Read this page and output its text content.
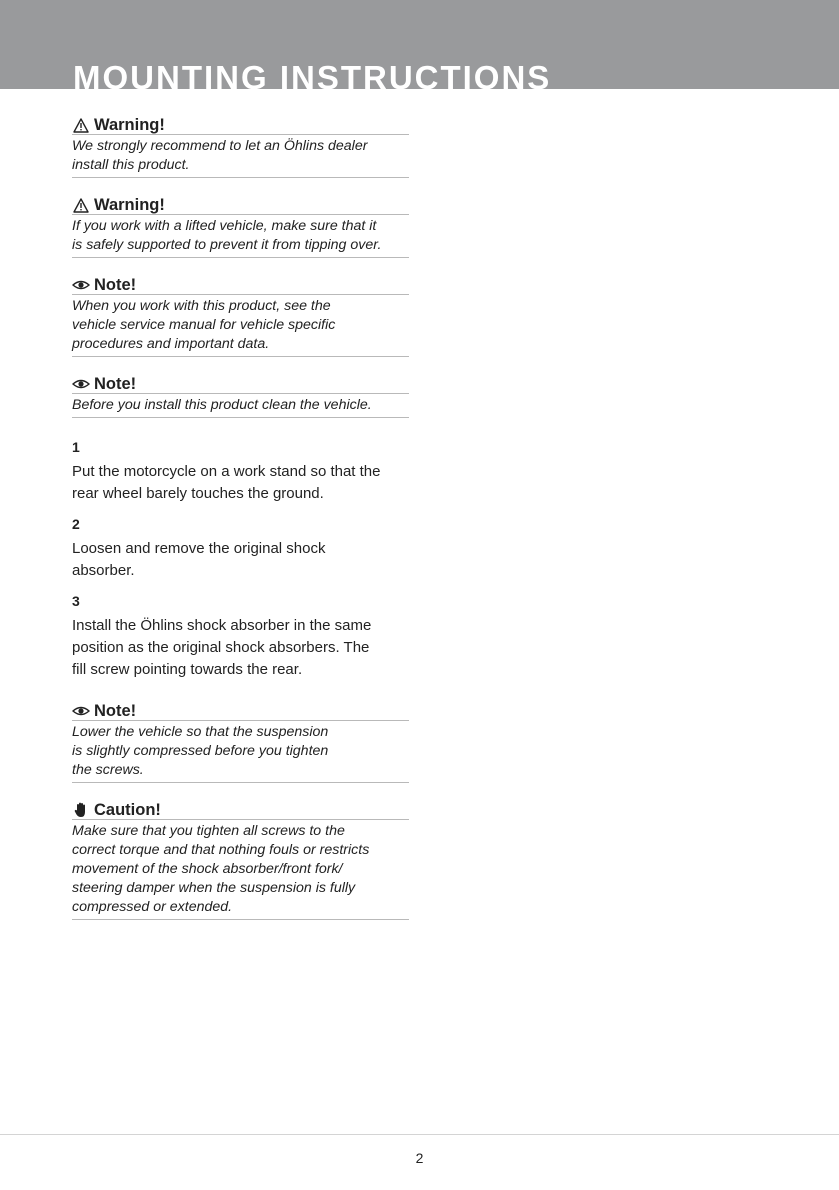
MOUNTING INSTRUCTIONS
Warning!
We strongly recommend to let an Öhlins dealer
install this product.
Warning!
If you work with a lifted vehicle, make sure that it
is safely supported to prevent it from tipping over.
Note!
When you work with this product, see the
vehicle service manual for vehicle specific
procedures and important data.
Note!
Before you install this product clean the vehicle.
1
Put the motorcycle on a work stand so that the
rear wheel barely touches the ground.
2
Loosen and remove the original shock
absorber.
3
Install the Öhlins shock absorber in the same
position as the original shock absorbers. The
fill screw pointing towards the rear.
Note!
Lower the vehicle so that the suspension
is slightly compressed before you tighten
the screws.
Caution!
Make sure that you tighten all screws to the
correct torque and that nothing fouls or restricts
movement of the shock absorber/front fork/
steering damper when the suspension is fully
compressed or extended.
2
